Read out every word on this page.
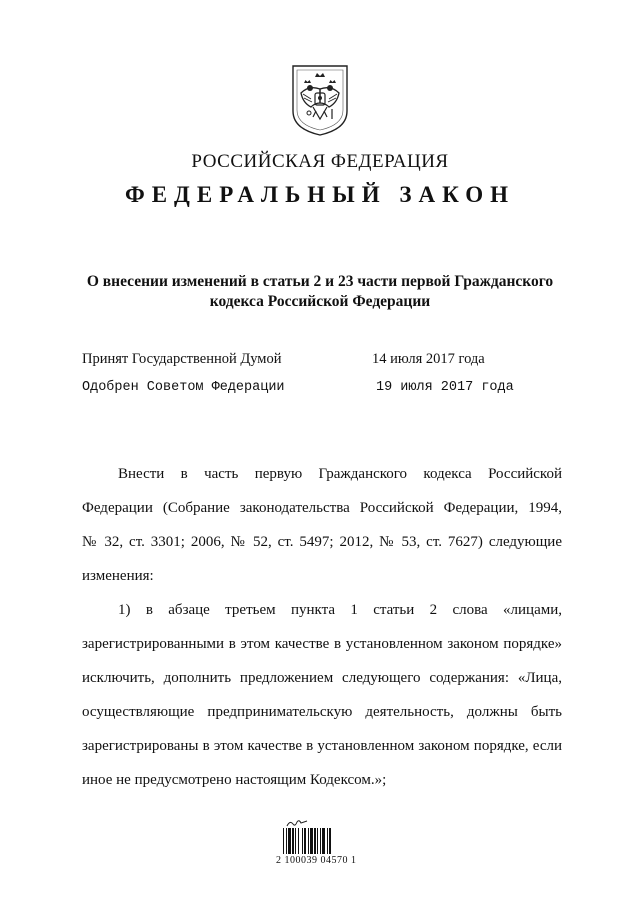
РОССИЙСКАЯ ФЕДЕРАЦИЯ
ФЕДЕРАЛЬНЫЙ ЗАКОН
О внесении изменений в статьи 2 и 23 части первой Гражданского
кодекса Российской Федерации
Принят Государственной Думой	14 июля 2017 года
Одобрен Советом Федерации	19 июля 2017 года
Внести в часть первую Гражданского кодекса Российской
Федерации (Собрание законодательства Российской Федерации, 1994,
№ 32, ст. 3301; 2006, № 52, ст. 5497; 2012, № 53, ст. 7627) следующие
изменения:
1) в абзаце третьем пункта 1 статьи 2 слова «лицами,
зарегистрированными в этом качестве в установленном законом порядке»
исключить, дополнить предложением следующего содержания: «Лица,
осуществляющие предпринимательскую деятельность, должны быть
зарегистрированы в этом качестве в установленном законом порядке, если
иное не предусмотрено настоящим Кодексом.»;
2 100039 04570 1
